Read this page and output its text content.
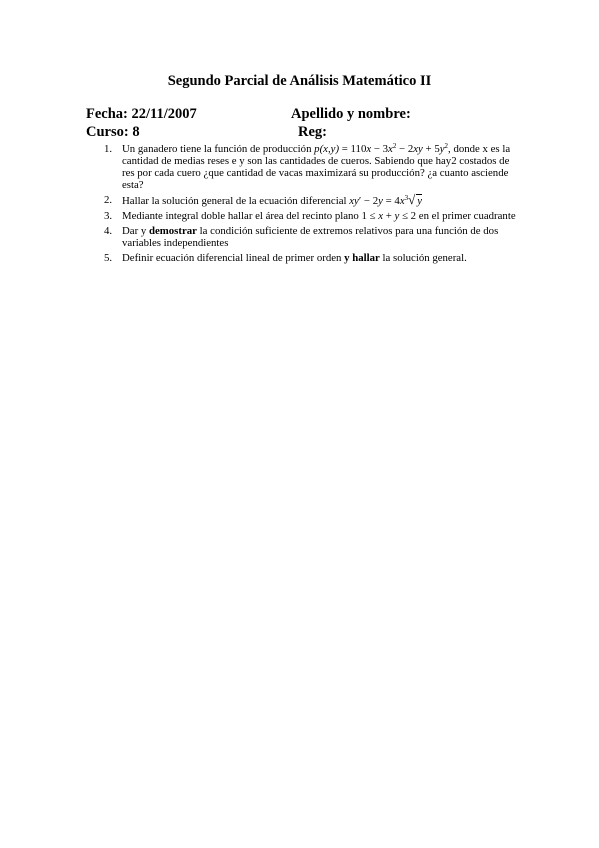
Segundo Parcial de Análisis Matemático II
Fecha: 22/11/2007	Apellido y nombre:
Curso: 8	Reg:
1. Un ganadero tiene la función de producción $p(x,y) = 110x - 3x^2 - 2xy + 5y^2$, donde x es la cantidad de medias reses e y son las cantidades de cueros. Sabiendo que hay2 costados de res por cada cuero ¿que cantidad de vacas maximizará su producción? ¿a cuanto asciende esta?
2. Hallar la solución general de la ecuación diferencial $xy' - 2y = 4x^3√$ y
3. Mediante integral doble hallar el área del recinto plano 1 ≤ x + y ≤ 2 en el primer cuadrante
4. Dar y demostrar la condición suficiente de extremos relativos para una función de dos variables independientes
5. Definir ecuación diferencial lineal de primer orden y hallar la solución general.
